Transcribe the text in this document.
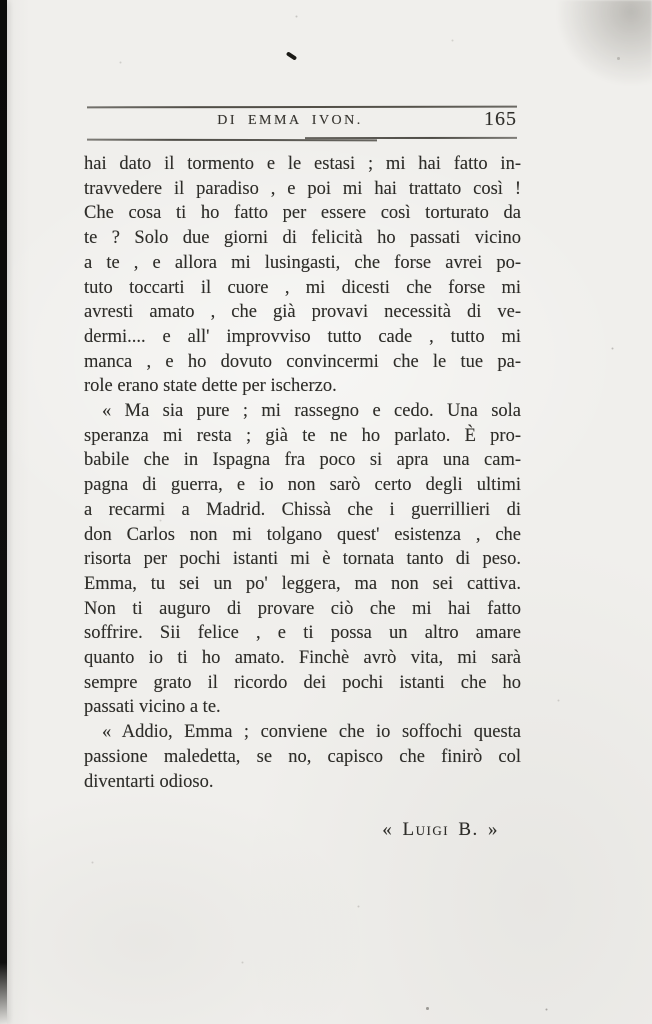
DI EMMA IVON.	165
hai dato il tormento e le estasi ; mi hai fatto in-
travvedere il paradiso , e poi mi hai trattato così !
Che cosa ti ho fatto per essere così torturato da
te ? Solo due giorni di felicità ho passati vicino
a te , e allora mi lusingasti, che forse avrei po-
tuto toccarti il cuore , mi dicesti che forse mi
avresti amato , che già provavi necessità di ve-
dermi.... e all' improvviso tutto cade , tutto mi
manca , e ho dovuto convincermi che le tue pa-
role erano state dette per ischerzo.
« Ma sia pure ; mi rassegno e cedo. Una sola
speranza mi resta ; già te ne ho parlato. È pro-
babile che in Ispagna fra poco si apra una cam-
pagna di guerra, e io non sarò certo degli ultimi
a recarmi a Madrid. Chissà che i guerrillieri di
don Carlos non mi tolgano quest' esistenza , che
risorta per pochi istanti mi è tornata tanto di peso.
Emma, tu sei un po' leggera, ma non sei cattiva.
Non ti auguro di provare ciò che mi hai fatto
soffrire. Sii felice , e ti possa un altro amare
quanto io ti ho amato. Finchè avrò vita, mi sarà
sempre grato il ricordo dei pochi istanti che ho
passati vicino a te.
« Addio, Emma ; conviene che io soffochi questa
passione maledetta, se no, capisco che finirò col
diventarti odioso.
« Luigi B. »
